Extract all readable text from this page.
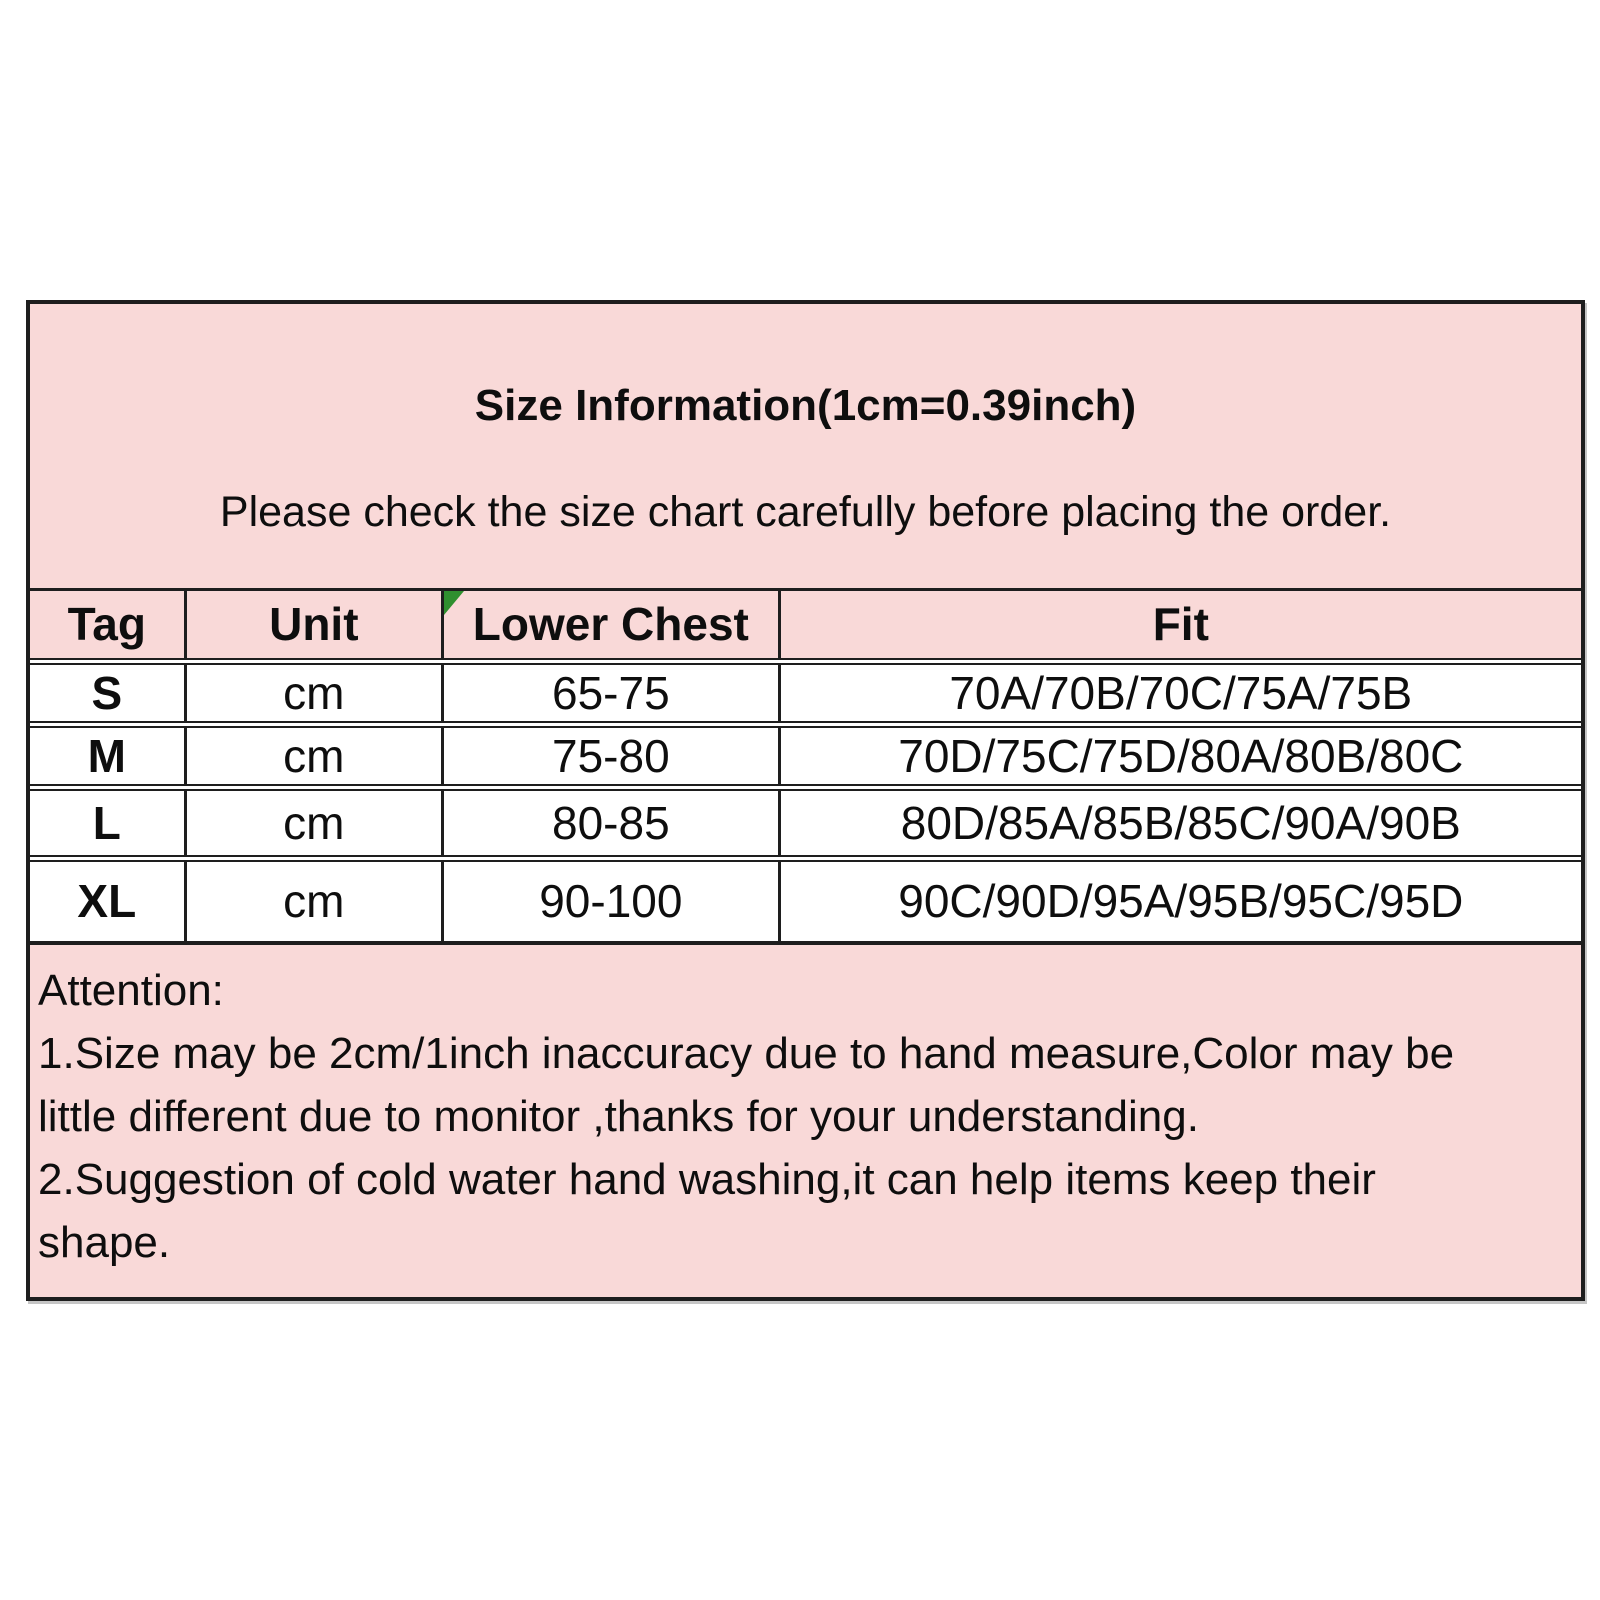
Size Information(1cm=0.39inch)
Please check the size chart carefully before placing the order.
Tag	Unit	Lower Chest	Fit
S	cm	65-75	70A/70B/70C/75A/75B
M	cm	75-80	70D/75C/75D/80A/80B/80C
L	cm	80-85	80D/85A/85B/85C/90A/90B
XL	cm	90-100	90C/90D/95A/95B/95C/95D
Attention:
1.Size may be 2cm/1inch inaccuracy due to hand measure,Color may be
little different due to monitor ,thanks for your understanding.
2.Suggestion of cold water hand washing,it can help items keep their
shape.
